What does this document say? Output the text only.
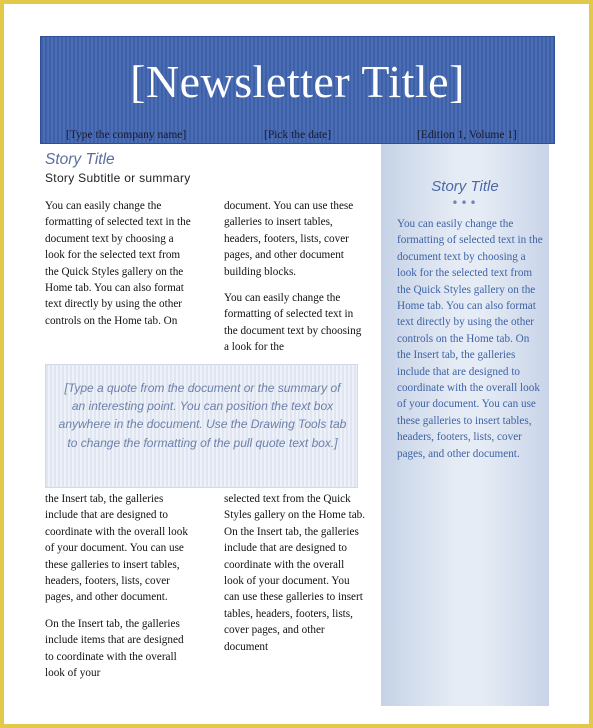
[Newsletter Title]
[Type the company name]	[Pick the date]	[Edition 1, Volume 1]
Story Title
Story Subtitle or summary

You can easily change the formatting of selected text in the document text by choosing a look for the selected text from the Quick Styles gallery on the Home tab. You can also format text directly by using the other controls on the Home tab. On

document. You can use these galleries to insert tables, headers, footers, lists, cover pages, and other document building blocks.

You can easily change the formatting of selected text in the document text by choosing a look for the

[Type a quote from the document or the summary of an interesting point. You can position the text box anywhere in the document. Use the Drawing Tools tab to change the formatting of the pull quote text box.]

the Insert tab, the galleries include that are designed to coordinate with the overall look of your document. You can use these galleries to insert tables, headers, footers, lists, cover pages, and other document.

On the Insert tab, the galleries include items that are designed to coordinate with the overall look of your

selected text from the Quick Styles gallery on the Home tab. On the Insert tab, the galleries include that are designed to coordinate with the overall look of your document. You can use these galleries to insert tables, headers, footers, lists, cover pages, and other document

Story Title
•••
You can easily change the formatting of selected text in the document text by choosing a look for the selected text from the Quick Styles gallery on the Home tab. You can also format text directly by using the other controls on the Home tab. On the Insert tab, the galleries include that are designed to coordinate with the overall look of your document. You can use these galleries to insert tables, headers, footers, lists, cover pages, and other document.
